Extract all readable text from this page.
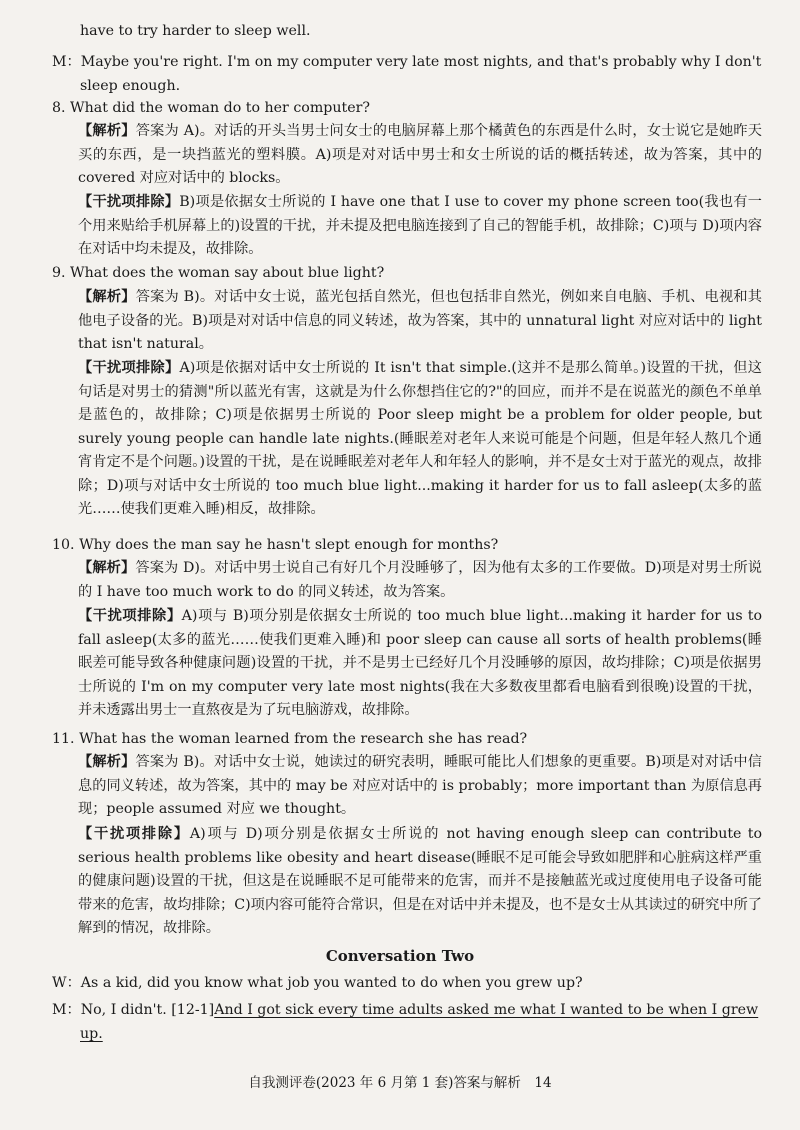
have to try harder to sleep well.
M：Maybe you're right. I'm on my computer very late most nights, and that's probably why I don't sleep enough.
8. What did the woman do to her computer?
【解析】答案为 A)。对话的开头当男士问女士的电脑屏幕上那个橘黄色的东西是什么时，女士说它是她昨天买的东西，是一块挡蓝光的塑料膜。A)项是对对话中男士和女士所说的话的概括转述，故为答案，其中的 covered 对应对话中的 blocks。
【干扰项排除】B)项是依据女士所说的 I have one that I use to cover my phone screen too(我也有一个用来贴给手机屏幕上的)设置的干扰，并未提及把电脑连接到了自己的智能手机，故排除；C)项与 D)项内容在对话中均未提及，故排除。
9. What does the woman say about blue light?
【解析】答案为 B)。对话中女士说，蓝光包括自然光，但也包括非自然光，例如来自电脑、手机、电视和其他电子设备的光。B)项是对对话中信息的同义转述，故为答案，其中的 unnatural light 对应对话中的 light that isn't natural。
【干扰项排除】A)项是依据对话中女士所说的 It isn't that simple.(这并不是那么简单。)设置的干扰，但这句话是对男士的猜测"所以蓝光有害，这就是为什么你想挡住它的?"的回应，而并不是在说蓝光的颜色不单单是蓝色的，故排除；C)项是依据男士所说的 Poor sleep might be a problem for older people, but surely young people can handle late nights.(睡眠差对老年人来说可能是个问题，但是年轻人熬几个通宵肯定不是个问题。)设置的干扰，是在说睡眠差对老年人和年轻人的影响，并不是女士对于蓝光的观点，故排除；D)项与对话中女士所说的 too much blue light...making it harder for us to fall asleep(太多的蓝光……使我们更难入睡)相反，故排除。
10. Why does the man say he hasn't slept enough for months?
【解析】答案为 D)。对话中男士说自己有好几个月没睡够了，因为他有太多的工作要做。D)项是对男士所说的 I have too much work to do 的同义转述，故为答案。
【干扰项排除】A)项与 B)项分别是依据女士所说的 too much blue light...making it harder for us to fall asleep(太多的蓝光……使我们更难入睡)和 poor sleep can cause all sorts of health problems(睡眠差可能导致各种健康问题)设置的干扰，并不是男士已经好几个月没睡够的原因，故均排除；C)项是依据男士所说的 I'm on my computer very late most nights(我在大多数夜里都看电脑看到很晚)设置的干扰，并未透露出男士一直熬夜是为了玩电脑游戏，故排除。
11. What has the woman learned from the research she has read?
【解析】答案为 B)。对话中女士说，她读过的研究表明，睡眠可能比人们想象的更重要。B)项是对对话中信息的同义转述，故为答案，其中的 may be 对应对话中的 is probably；more important than 为原信息再现；people assumed 对应 we thought。
【干扰项排除】A)项与 D)项分别是依据女士所说的 not having enough sleep can contribute to serious health problems like obesity and heart disease(睡眠不足可能会导致如肥胖和心脏病这样严重的健康问题)设置的干扰，但这是在说睡眠不足可能带来的危害，而并不是接触蓝光或过度使用电子设备可能带来的危害，故均排除；C)项内容可能符合常识，但是在对话中并未提及，也不是女士从其读过的研究中所了解到的情况，故排除。
Conversation Two
W：As a kid, did you know what job you wanted to do when you grew up?
M：No, I didn't. [12-1]And I got sick every time adults asked me what I wanted to be when I grew up.
自我测评卷(2023 年 6 月第 1 套)答案与解析　14
